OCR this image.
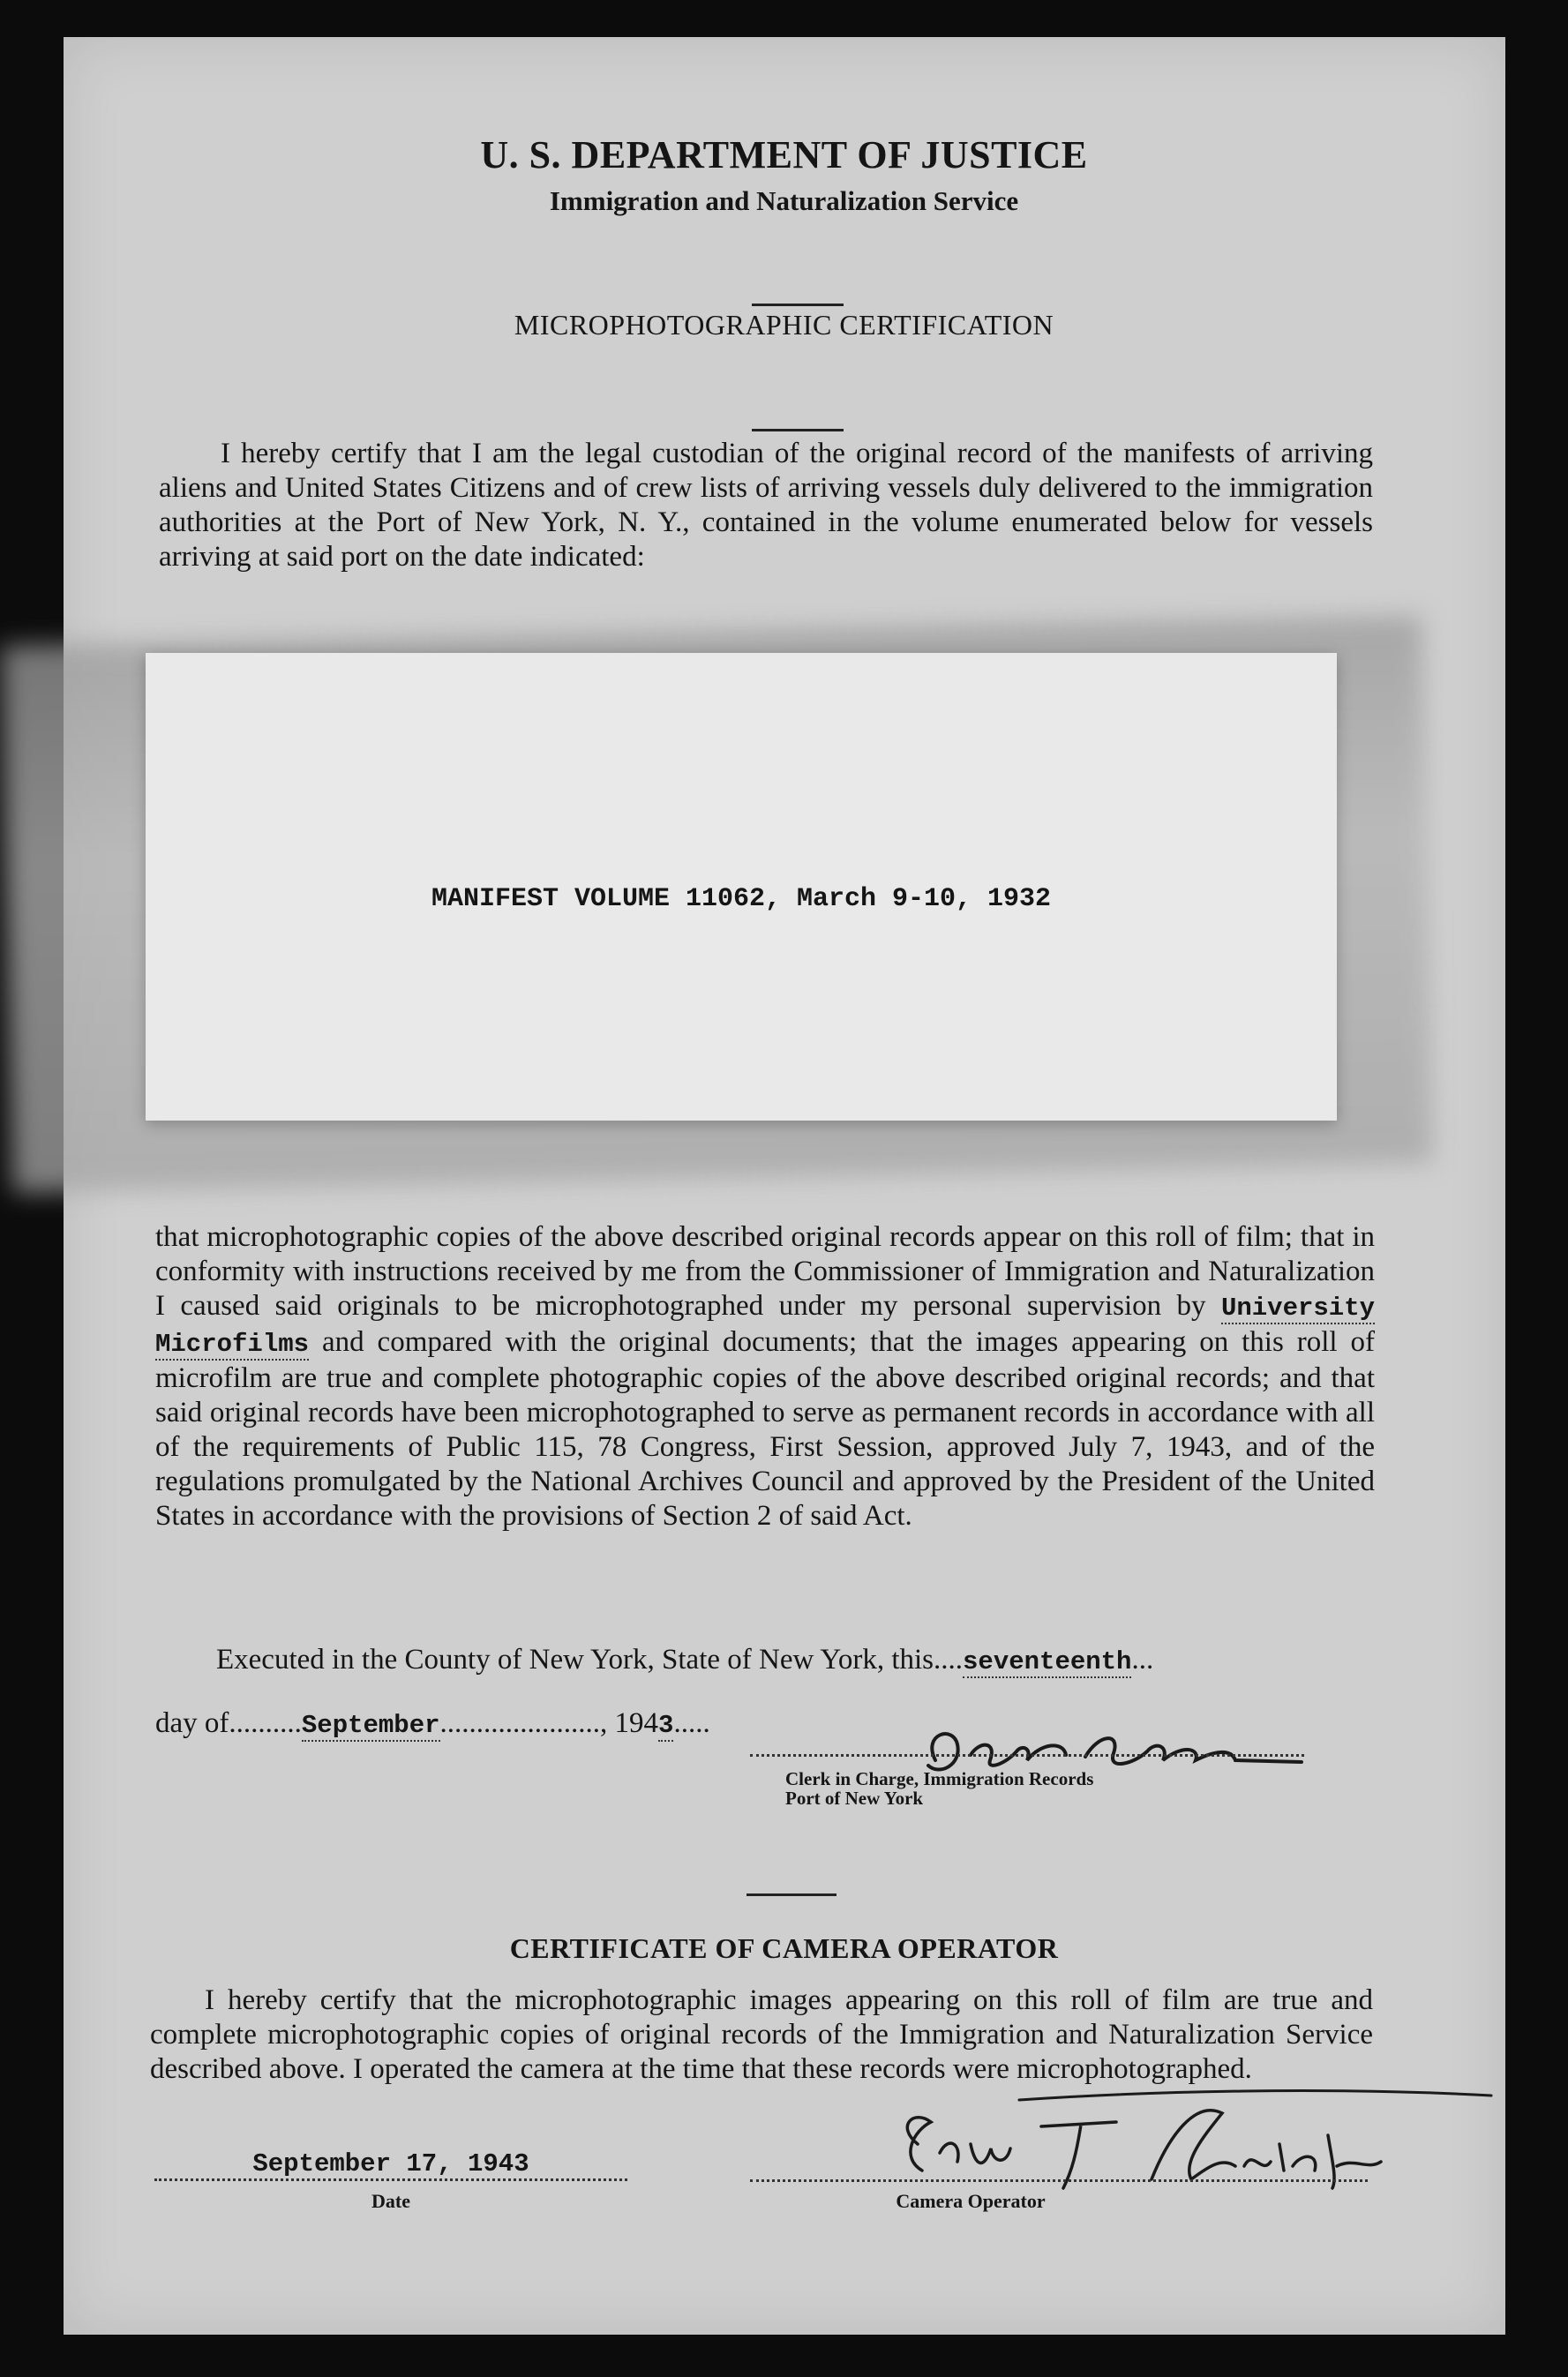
U. S. DEPARTMENT OF JUSTICE
Immigration and Naturalization Service
MICROPHOTOGRAPHIC CERTIFICATION
I hereby certify that I am the legal custodian of the original record of the manifests of arriving aliens and United States Citizens and of crew lists of arriving vessels duly delivered to the immigration authorities at the Port of New York, N. Y., contained in the volume enumerated below for vessels arriving at said port on the date indicated:
MANIFEST VOLUME 11062, March 9-10, 1932
that microphotographic copies of the above described original records appear on this roll of film; that in conformity with instructions received by me from the Commissioner of Immigration and Naturalization I caused said originals to be microphotographed under my personal supervision by University Microfilms and compared with the original documents; that the images appearing on this roll of microfilm are true and complete photographic copies of the above described original records; and that said original records have been microphotographed to serve as permanent records in accordance with all of the requirements of Public 115, 78 Congress, First Session, approved July 7, 1943, and of the regulations promulgated by the National Archives Council and approved by the President of the United States in accordance with the provisions of Section 2 of said Act.
Executed in the County of New York, State of New York, this....seventeenth...
day of..........September......................, 1943.....
Clerk in Charge, Immigration Records
Port of New York
CERTIFICATE OF CAMERA OPERATOR
I hereby certify that the microphotographic images appearing on this roll of film are true and complete microphotographic copies of original records of the Immigration and Naturalization Service described above. I operated the camera at the time that these records were microphotographed.
September 17, 1943
Date	Camera Operator
